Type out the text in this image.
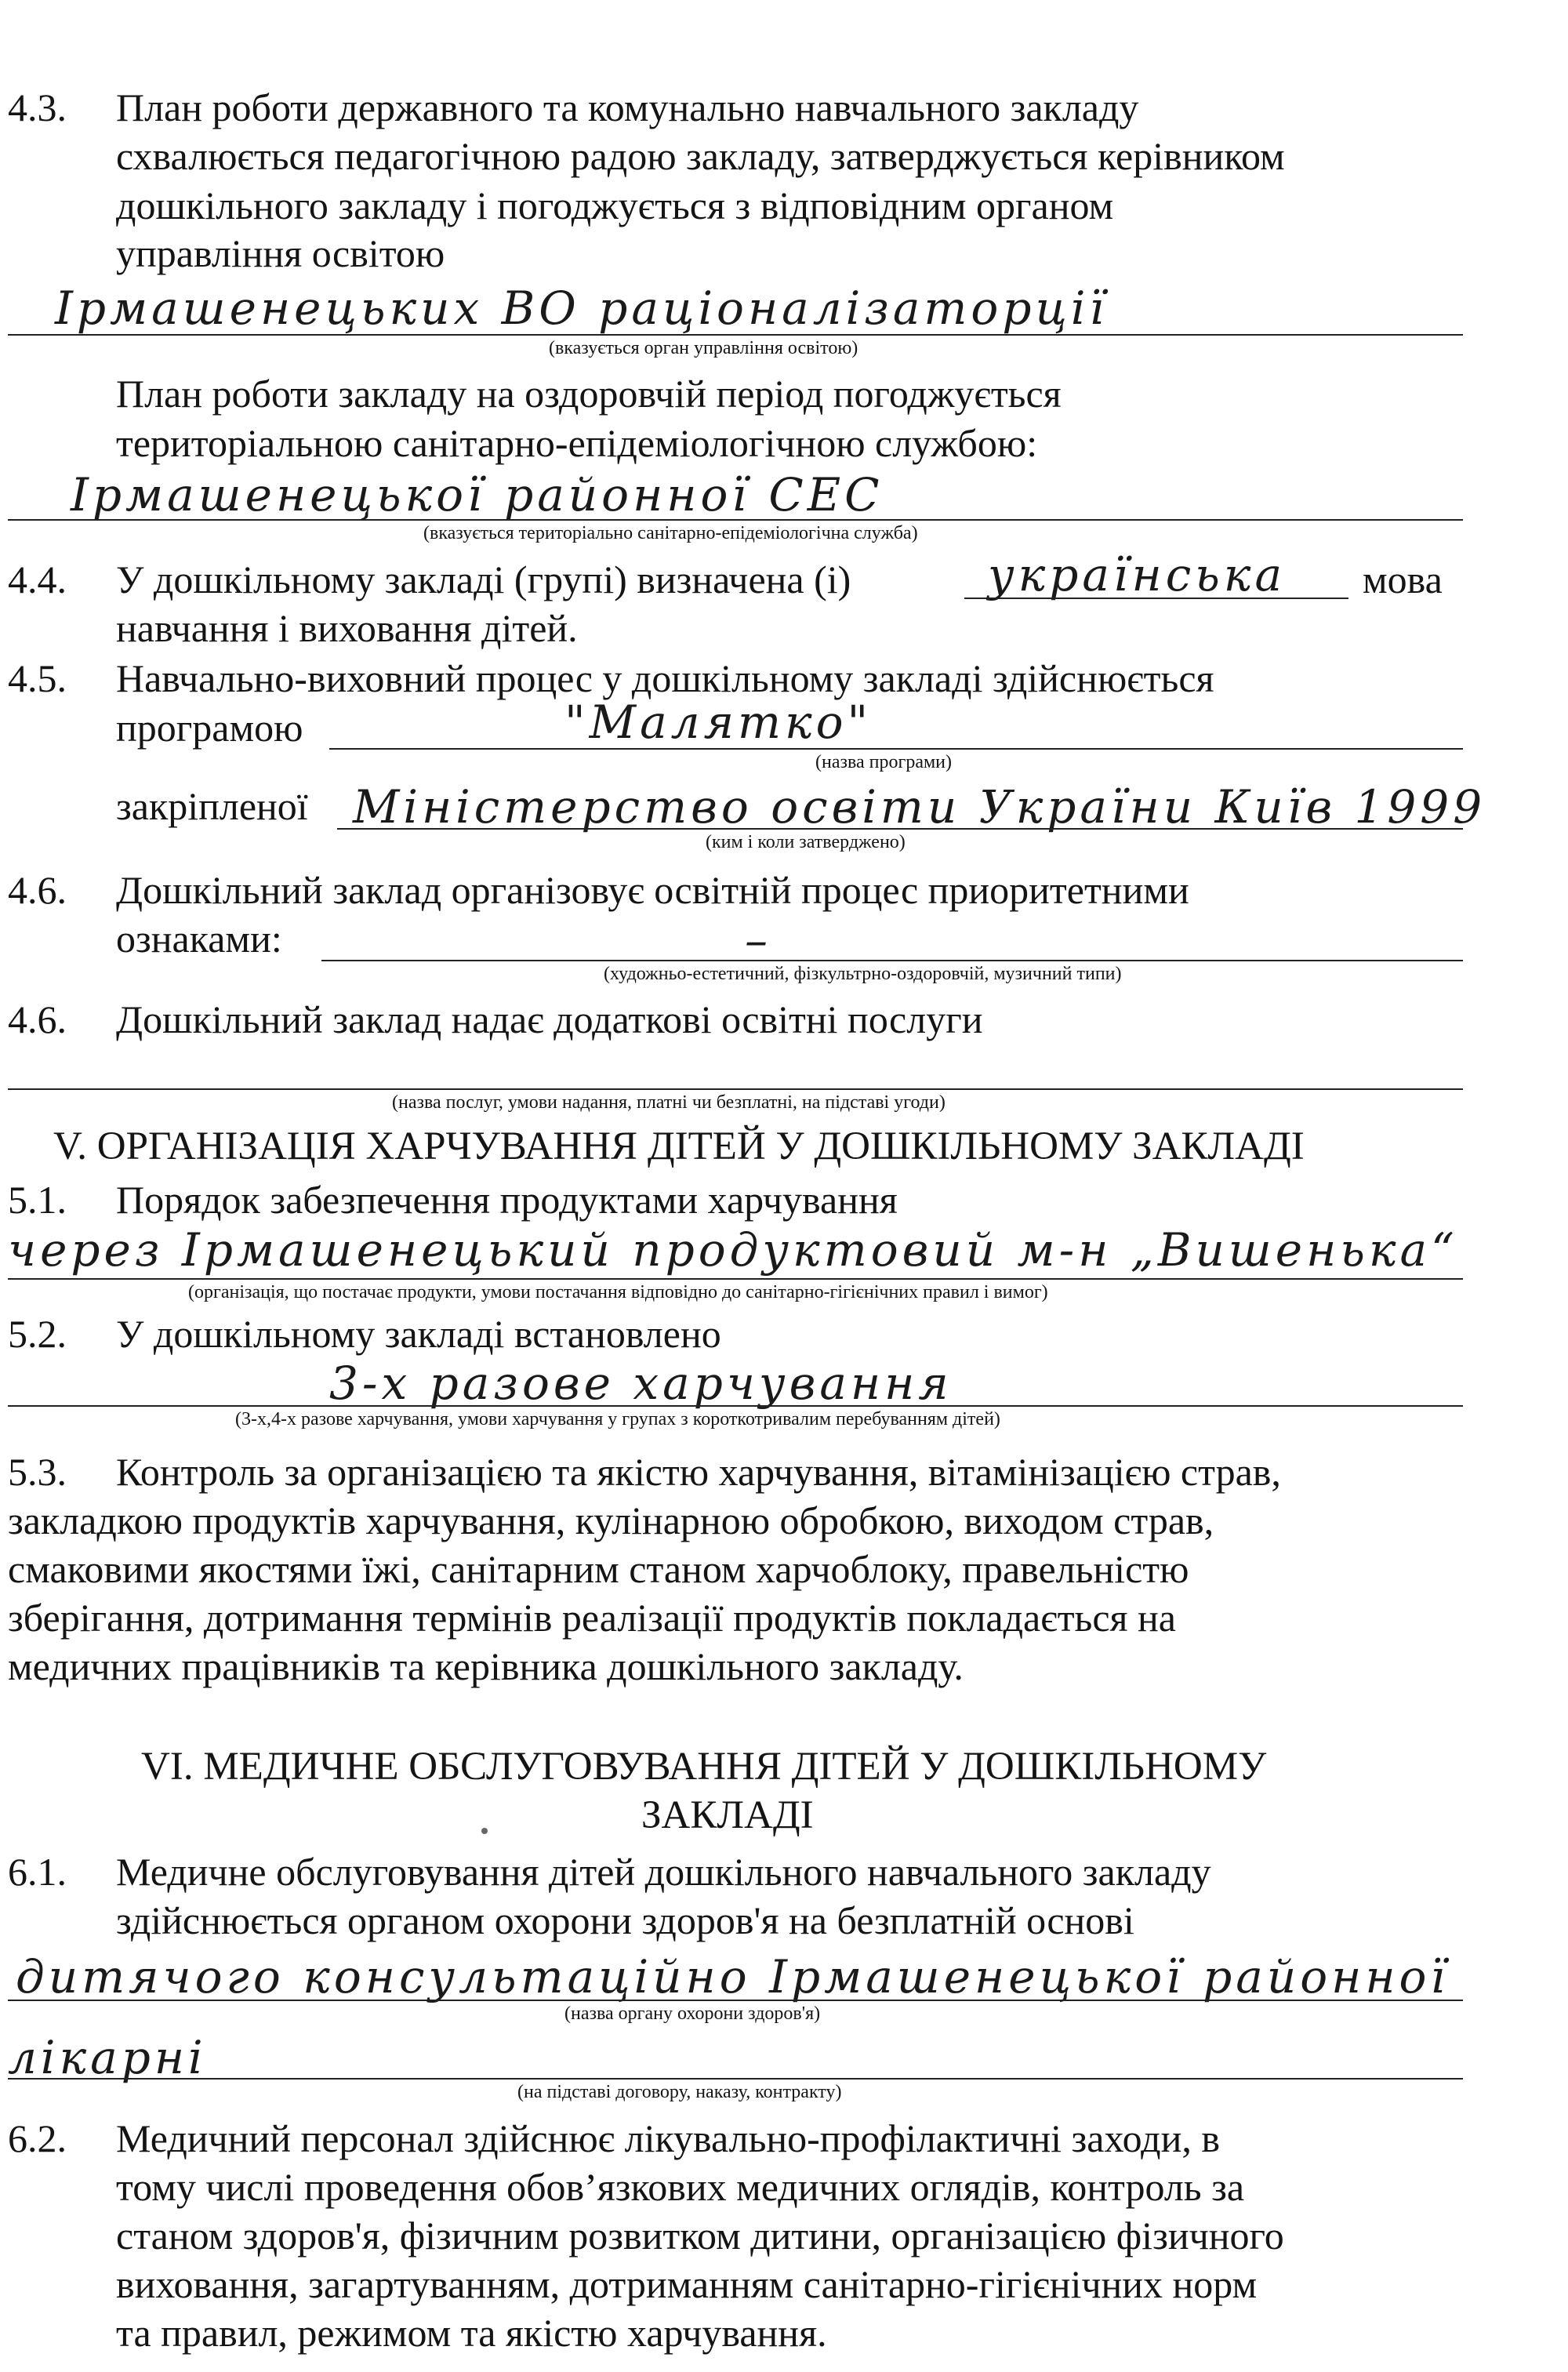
4.3. План роботи державного та комунально навчального закладу
схвалюється педагогічною радою закладу, затверджується керівником
дошкільного закладу і погоджується з відповідним органом
управління освітою
Ірмашенецьких ВО раціоналізаторції
(вказується орган управління освітою)
План роботи закладу на оздоровчій період погоджується
територіальною санітарно-епідеміологічною службою:
Ірмашенецької районної СЕС
(вказується територіально санітарно-епідеміологічна служба)
4.4. У дошкільному закладі (групі) визначена (і)	українська мова
навчання і виховання дітей.
4.5. Навчально-виховний процес у дошкільному закладі здійснюється
програмою	"Малятко"
(назва програми)
закріпленої Міністерство освіти України Київ 1999
(ким і коли затверджено)
4.6. Дошкільний заклад організовує освітній процес приоритетними
ознаками:	–
(художньо-естетичний, фізкультрно-оздоровчій, музичний типи)
4.6. Дошкільний заклад надає додаткові освітні послуги
(назва послуг, умови надання, платні чи безплатні, на підставі угоди)
V. ОРГАНІЗАЦІЯ ХАРЧУВАННЯ ДІТЕЙ У ДОШКІЛЬНОМУ ЗАКЛАДІ
5.1. Порядок забезпечення продуктами харчування
через Ірмашенецький продуктовий м-н „Вишенька“
(організація, що постачає продукти, умови постачання відповідно до санітарно-гігієнічних правил і вимог)
5.2. У дошкільному закладі встановлено
3-х разове харчування
(3-х,4-х разове харчування, умови харчування у групах з короткотривалим перебуванням дітей)
5.3. Контроль за організацією та якістю харчування, вітамінізацією страв,
закладкою продуктів харчування, кулінарною обробкою, виходом страв,
смаковими якостями їжі, санітарним станом харчоблоку, правельністю
зберігання, дотримання термінів реалізації продуктів покладається на
медичних працівників та керівника дошкільного закладу.
VI. МЕДИЧНЕ ОБСЛУГОВУВАННЯ ДІТЕЙ У ДОШКІЛЬНОМУ
ЗАКЛАДІ
6.1. Медичне обслуговування дітей дошкільного навчального закладу
здійснюється органом охорони здоров'я на безплатній основі
дитячого консультаційно Ірмашенецької районної
(назва органу охорони здоров'я)
лікарні
(на підставі договору, наказу, контракту)
6.2. Медичний персонал здійснює лікувально-профілактичні заходи, в
тому числі проведення обов’язкових медичних оглядів, контроль за
станом здоров'я, фізичним розвитком дитини, організацією фізичного
виховання, загартуванням, дотриманням санітарно-гігієнічних норм
та правил, режимом та якістю харчування.
